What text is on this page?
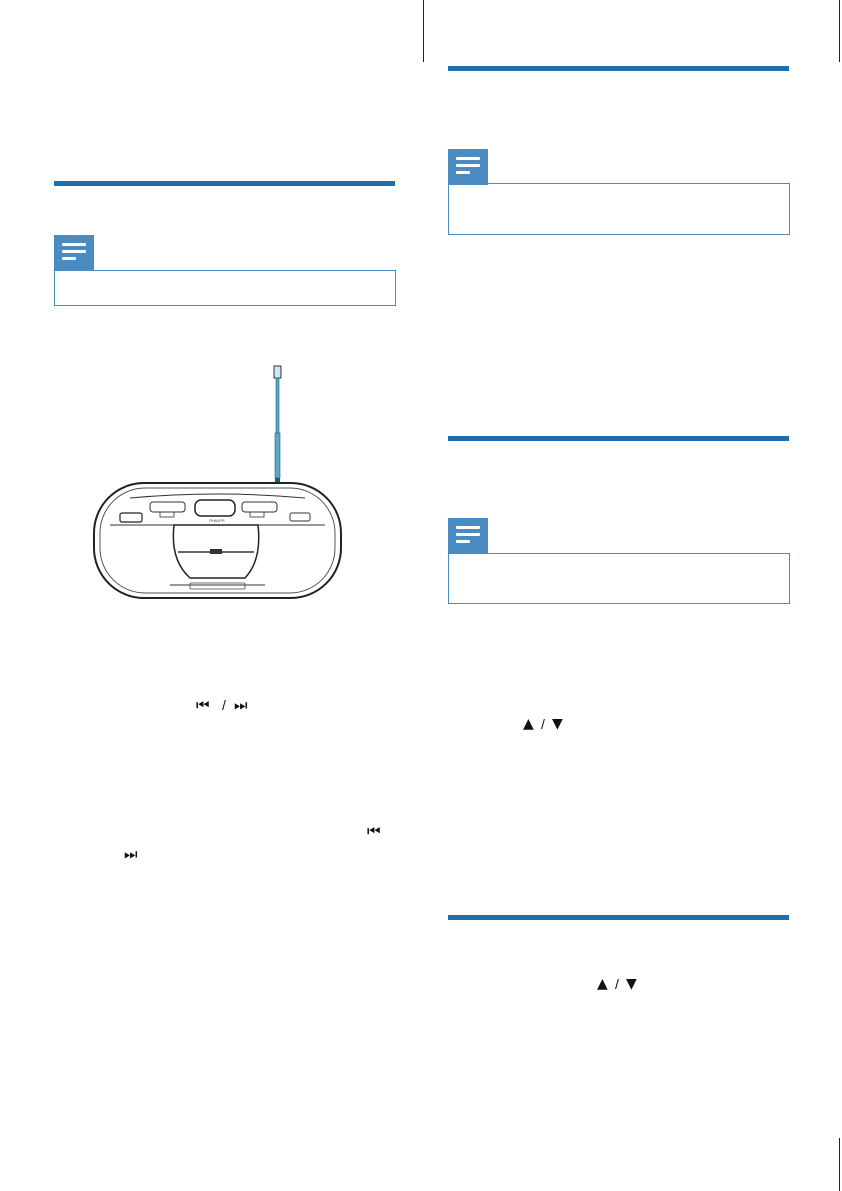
PHILIPS
⏮ / ⏭
⏮
⏭
▲ / ▼
▲ / ▼
